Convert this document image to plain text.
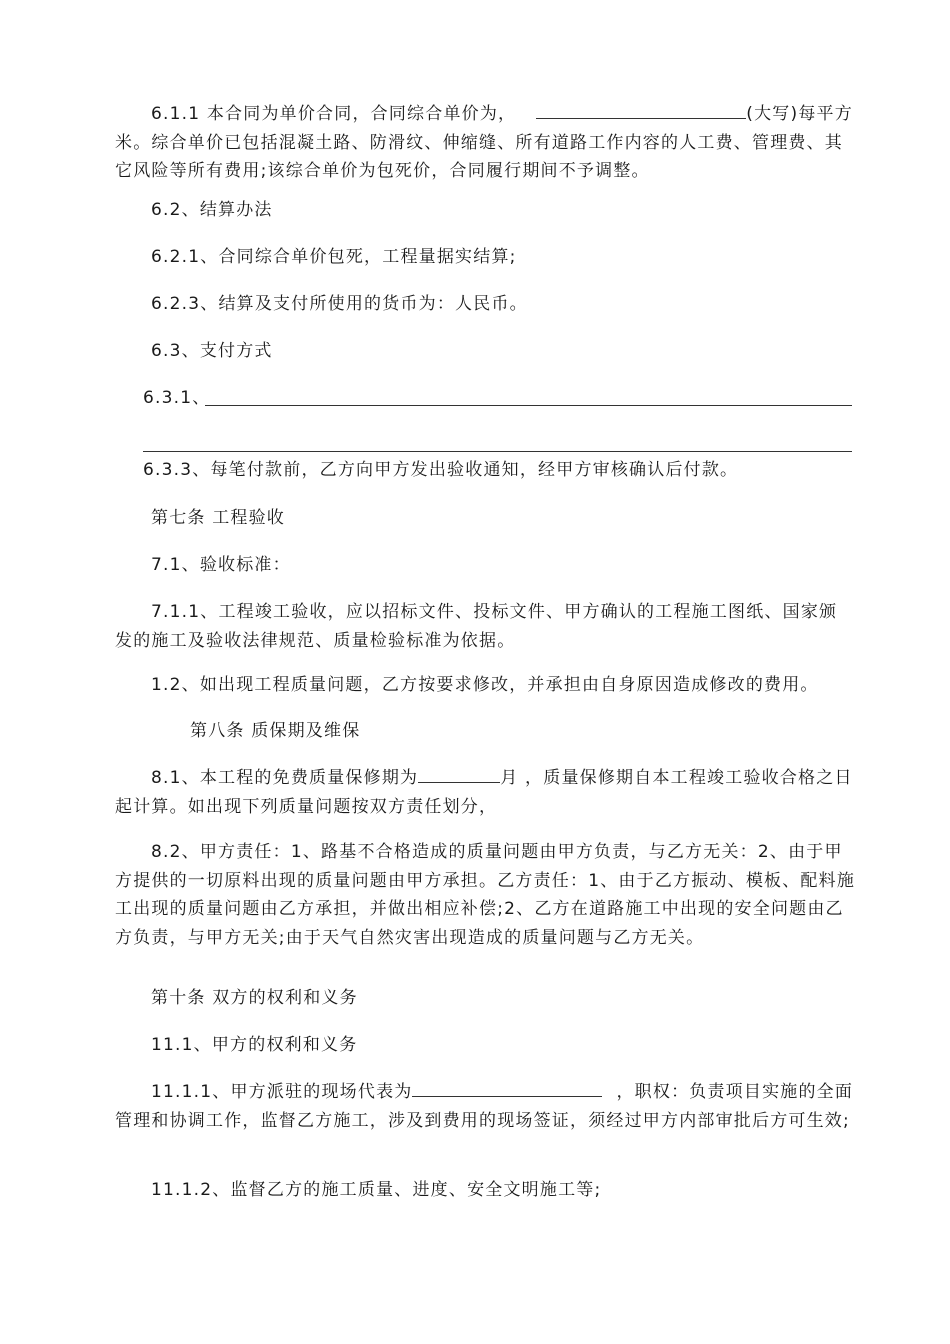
6.1.1 本合同为单价合同，合同综合单价为，	(大写)每平方米。综合单价已包括混凝土路、防滑纹、伸缩缝、所有道路工作内容的人工费、管理费、其它风险等所有费用;该综合单价为包死价，合同履行期间不予调整。
6.2、结算办法
6.2.1、合同综合单价包死，工程量据实结算;
6.2.3、结算及支付所使用的货币为：人民币。
6.3、支付方式
6.3.1、
6.3.3、每笔付款前，乙方向甲方发出验收通知，经甲方审核确认后付款。
第七条 工程验收
7.1、验收标准：
7.1.1、工程竣工验收，应以招标文件、投标文件、甲方确认的工程施工图纸、国家颁发的施工及验收法律规范、质量检验标准为依据。
1.2、如出现工程质量问题，乙方按要求修改，并承担由自身原因造成修改的费用。
第八条 质保期及维保
8.1、本工程的免费质量保修期为	月 ，质量保修期自本工程竣工验收合格之日起计算。如出现下列质量问题按双方责任划分，
8.2、甲方责任：1、路基不合格造成的质量问题由甲方负责，与乙方无关：2、由于甲方提供的一切原料出现的质量问题由甲方承担。乙方责任：1、由于乙方振动、模板、配料施工出现的质量问题由乙方承担，并做出相应补偿;2、乙方在道路施工中出现的安全问题由乙方负责，与甲方无关;由于天气自然灾害出现造成的质量问题与乙方无关。
第十条 双方的权利和义务
11.1、甲方的权利和义务
11.1.1、甲方派驻的现场代表为	，职权：负责项目实施的全面管理和协调工作，监督乙方施工，涉及到费用的现场签证，须经过甲方内部审批后方可生效;
11.1.2、监督乙方的施工质量、进度、安全文明施工等;
